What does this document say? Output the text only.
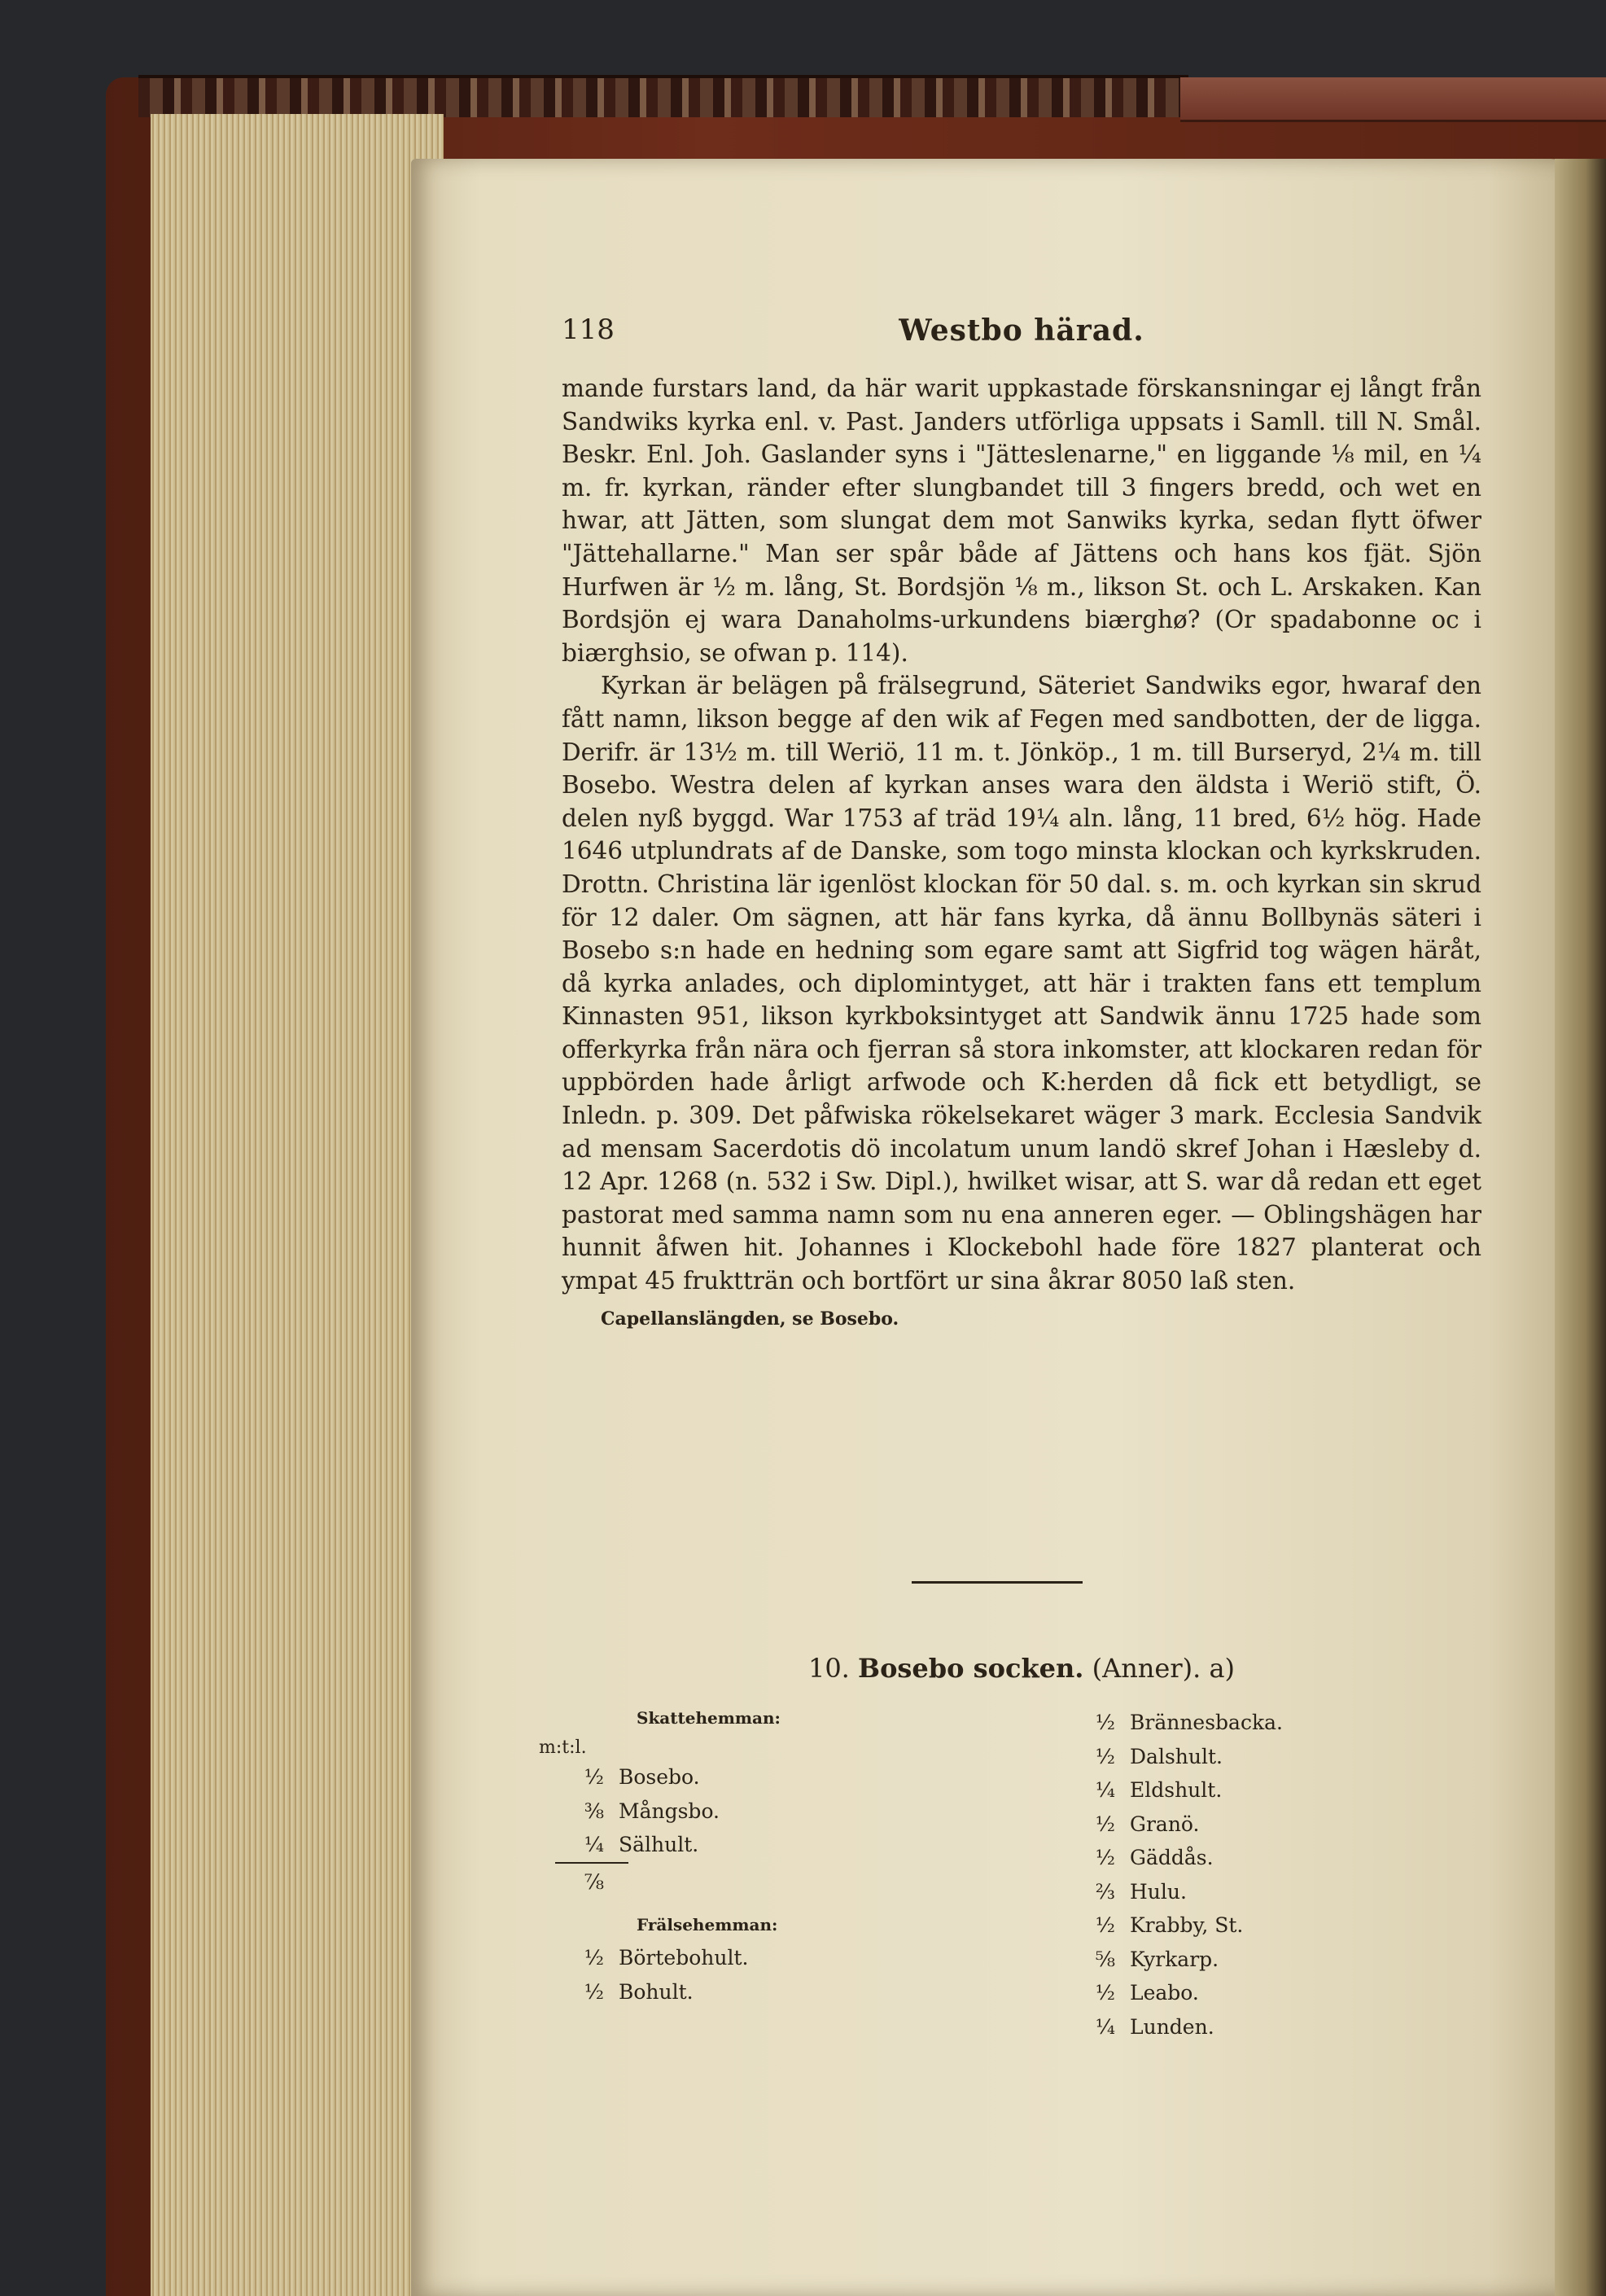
118	Westbo härad.

mande furstars land, da här warit uppkastade förskansningar ej långt från Sandwiks kyrka enl. v. Past. Janders utförliga uppsats i Samll. till N. Smål. Beskr. Enl. Joh. Gaslander syns i "Jätteslenarne," en liggande ⅛ mil, en ¼ m. fr. kyrkan, ränder efter slungbandet till 3 fingers bredd, och wet en hwar, att Jätten, som slungat dem mot Sanwiks kyrka, sedan flytt öfwer "Jättehallarne." Man ser spår både af Jättens och hans kos fjät. Sjön Hurfwen är ½ m. lång, St. Bordsjön ⅛ m., likson St. och L. Arskaken. Kan Bordsjön ej wara Danaholms-urkundens biærghø? (Or spadabonne oc i biærghsio, se ofwan p. 114).

Kyrkan är belägen på frälsegrund, Säteriet Sandwiks egor, hwaraf den fått namn, likson begge af den wik af Fegen med sandbotten, der de ligga. Derifr. är 13½ m. till Weriö, 11 m. t. Jönköp., 1 m. till Burseryd, 2¼ m. till Bosebo. Westra delen af kyrkan anses wara den äldsta i Weriö stift, Ö. delen nyß byggd. War 1753 af träd 19¼ aln. lång, 11 bred, 6½ hög. Hade 1646 utplundrats af de Danske, som togo minsta klockan och kyrkskruden. Drottn. Christina lär igenlöst klockan för 50 dal. s. m. och kyrkan sin skrud för 12 daler. Om sägnen, att här fans kyrka, då ännu Bollbynäs säteri i Bosebo s:n hade en hedning som egare samt att Sigfrid tog wägen häråt, då kyrka anlades, och diplomintyget, att här i trakten fans ett templum Kinnasten 951, likson kyrkboksintyget att Sandwik ännu 1725 hade som offerkyrka från nära och fjerran så stora inkomster, att klockaren redan för uppbörden hade årligt arfwode och K:herden då fick ett betydligt, se Inledn. p. 309. Det påfwiska rökelsekaret wäger 3 mark. Ecclesia Sandvik ad mensam Sacerdotis dö incolatum unum landö skref Johan i Hæsleby d. 12 Apr. 1268 (n. 532 i Sw. Dipl.), hwilket wisar, att S. war då redan ett eget pastorat med samma namn som nu ena anneren eger. — Oblingshägen har hunnit åfwen hit. Johannes i Klockebohl hade före 1827 planterat och ympat 45 fruktträn och bortfört ur sina åkrar 8050 laß sten.

Capellanslängden, se Bosebo.

10. Bosebo socken. (Anner). a)
Skattehemman:
m:t:l.
½ Bosebo.
⅜ Mångsbo.
¼ Sälhult.
⅞
Frälsehemman:
½ Börtebohult.
½ Bohult.
½ Brännesbacka.
½ Dalshult.
¼ Eldshult.
½ Granö.
½ Gäddås.
⅔ Hulu.
½ Krabby, St.
⅝ Kyrkarp.
½ Leabo.
¼ Lunden.
